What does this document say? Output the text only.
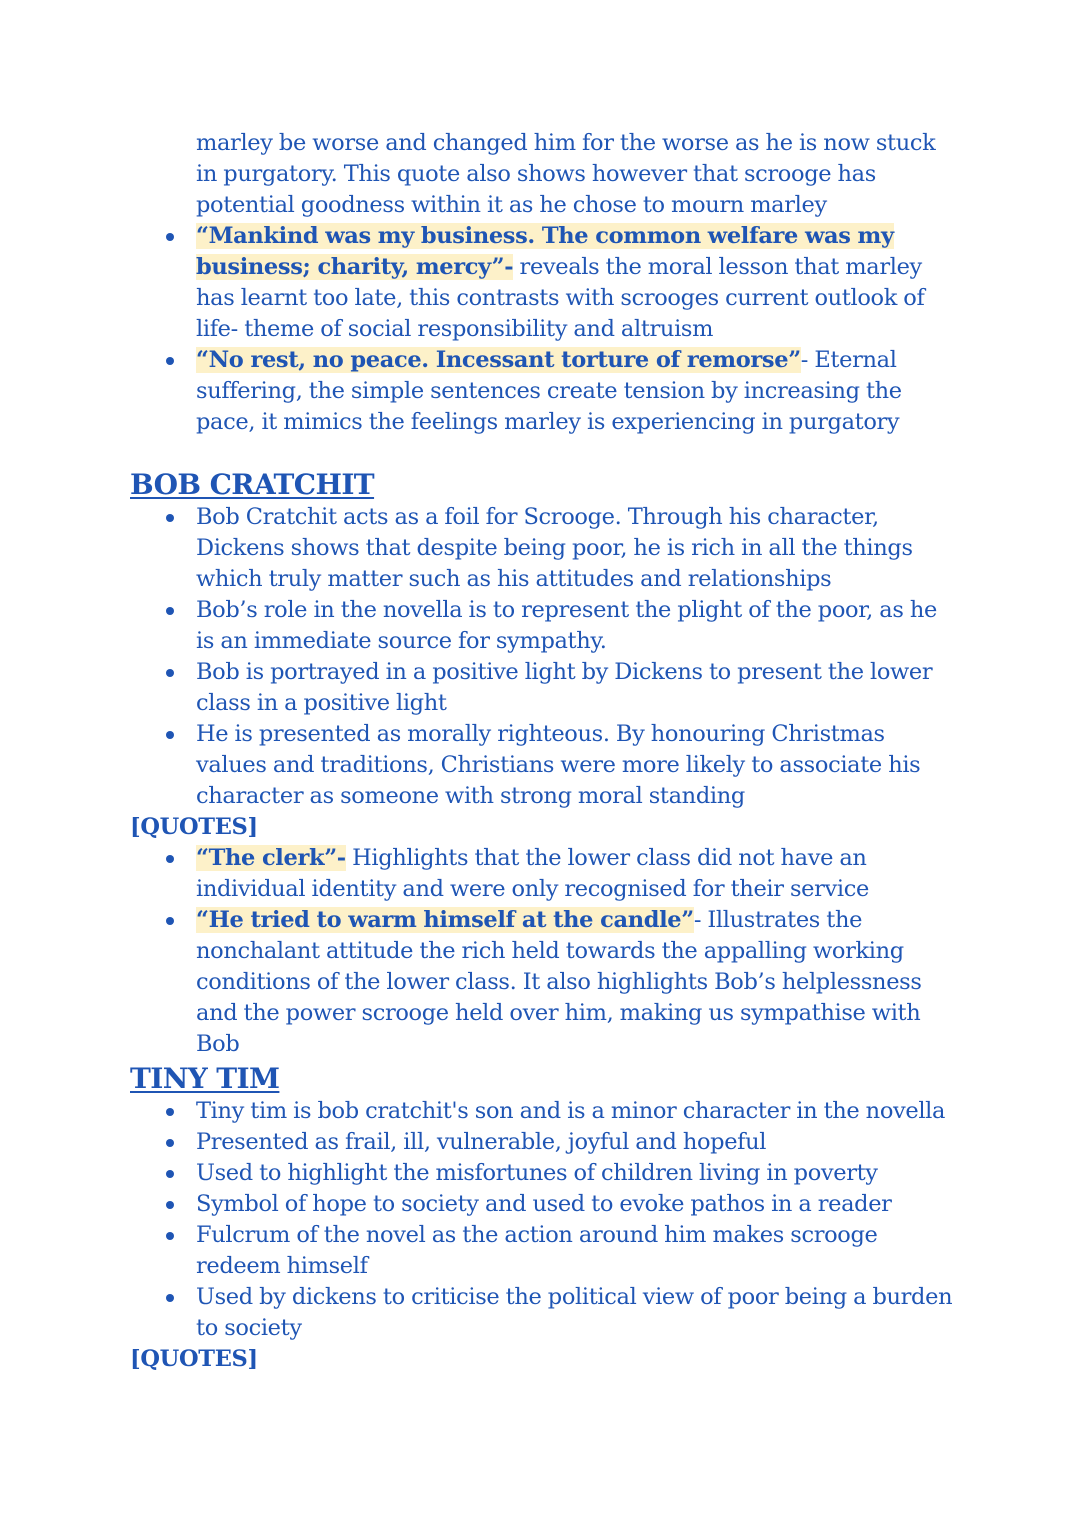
marley be worse and changed him for the worse as he is now stuck in purgatory. This quote also shows however that scrooge has potential goodness within it as he chose to mourn marley
“Mankind was my business. The common welfare was my business; charity, mercy”- reveals the moral lesson that marley has learnt too late, this contrasts with scrooges current outlook of life- theme of social responsibility and altruism
“No rest, no peace. Incessant torture of remorse”- Eternal suffering, the simple sentences create tension by increasing the pace, it mimics the feelings marley is experiencing in purgatory
BOB CRATCHIT
Bob Cratchit acts as a foil for Scrooge. Through his character, Dickens shows that despite being poor, he is rich in all the things which truly matter such as his attitudes and relationships
Bob’s role in the novella is to represent the plight of the poor, as he is an immediate source for sympathy.
Bob is portrayed in a positive light by Dickens to present the lower class in a positive light
He is presented as morally righteous. By honouring Christmas values and traditions, Christians were more likely to associate his character as someone with strong moral standing
[QUOTES]
“The clerk”- Highlights that the lower class did not have an individual identity and were only recognised for their service
“He tried to warm himself at the candle”- Illustrates the nonchalant attitude the rich held towards the appalling working conditions of the lower class. It also highlights Bob’s helplessness and the power scrooge held over him, making us sympathise with Bob
TINY TIM
Tiny tim is bob cratchit's son and is a minor character in the novella
Presented as frail, ill, vulnerable, joyful and hopeful
Used to highlight the misfortunes of children living in poverty
Symbol of hope to society and used to evoke pathos in a reader
Fulcrum of the novel as the action around him makes scrooge redeem himself
Used by dickens to criticise the political view of poor being a burden to society
[QUOTES]
